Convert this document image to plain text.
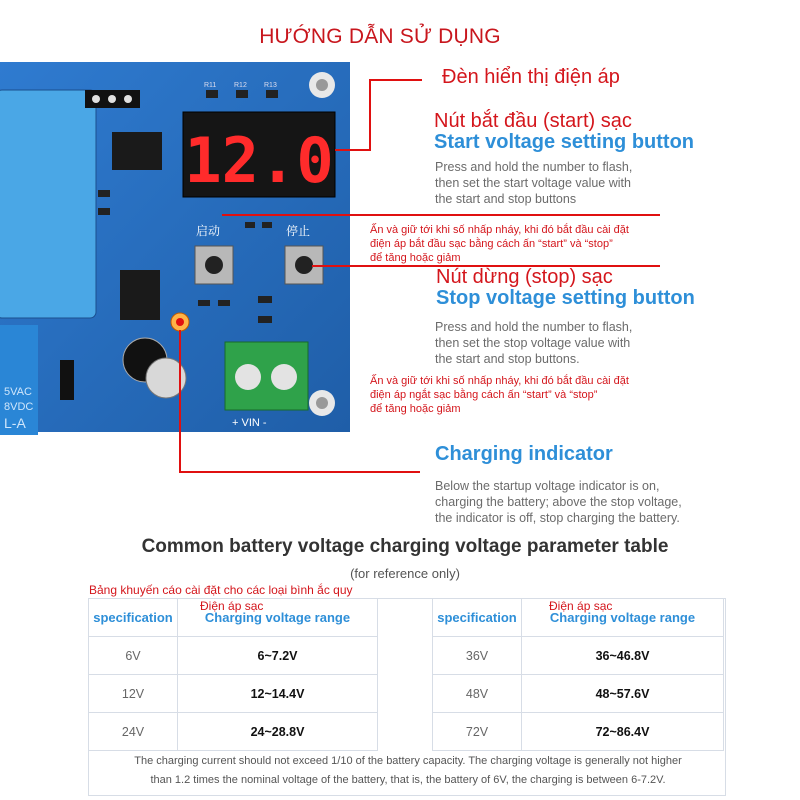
HƯỚNG DẪN SỬ DỤNG
5VAC
8VDC
L-A
12.0
R11	R12 R13
启动	停止
+ VIN -
Đèn hiển thị điện áp
Nút bắt đầu (start) sạc
Start voltage setting button
Press and hold the number to flash,
then set the start voltage value with
the start and stop buttons
Ấn và giữ tới khi số nhấp nháy, khi đó bắt đầu cài đặt
điện áp bắt đầu sạc bằng cách ấn “start” và “stop”
để tăng hoặc giảm
Nút dừng (stop) sạc
Stop voltage setting button
Press and hold the number to flash,
then set the stop voltage value with
the start and stop buttons.
Ấn và giữ tới khi số nhấp nháy, khi đó bắt đầu cài đặt
điện áp ngắt sạc bằng cách ấn “start” và “stop”
để tăng hoặc giảm
Charging indicator
Below the startup voltage indicator is on,
charging the battery; above the stop voltage,
the indicator is off, stop charging the battery.
Common battery voltage charging voltage parameter table
(for reference only)
Bảng khuyến cáo cài đặt cho các loại bình ắc quy
Điện áp sạc	Điện áp sạc
specification	Charging voltage range
6V	6~7.2V
12V	12~14.4V
24V	24~28.8V
specification	Charging voltage range
36V	36~46.8V
48V	48~57.6V
72V	72~86.4V
The charging current should not exceed 1/10 of the battery capacity. The charging voltage is generally not higher
than 1.2 times the nominal voltage of the battery, that is, the battery of 6V, the charging is between 6-7.2V.
